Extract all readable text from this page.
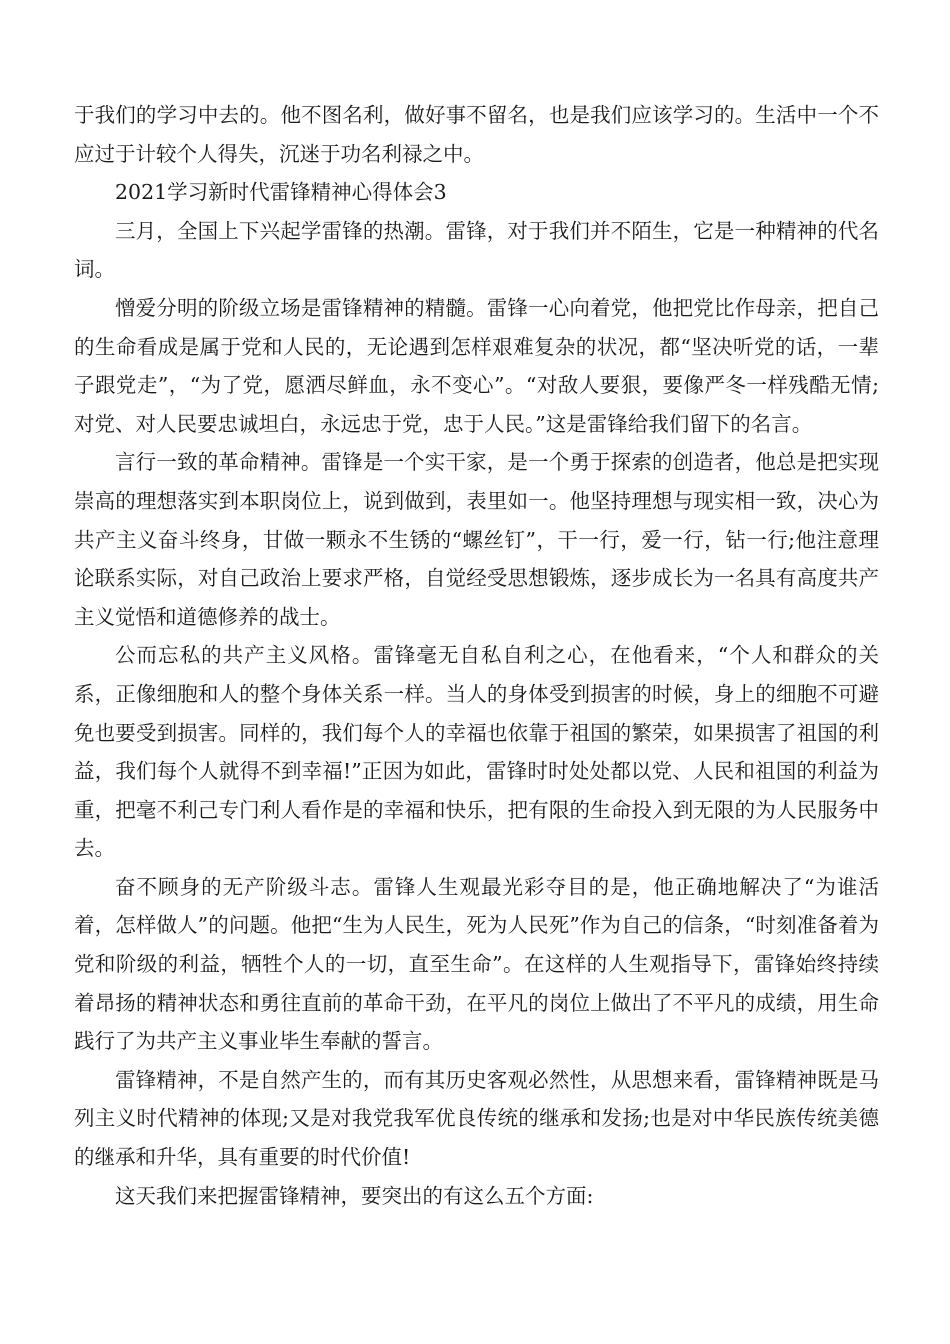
于我们的学习中去的。他不图名利，做好事不留名，也是我们应该学习的。生活中一个不应过于计较个人得失，沉迷于功名利禄之中。

2021学习新时代雷锋精神心得体会3

三月，全国上下兴起学雷锋的热潮。雷锋，对于我们并不陌生，它是一种精神的代名词。

憎爱分明的阶级立场是雷锋精神的精髓。雷锋一心向着党，他把党比作母亲，把自己的生命看成是属于党和人民的，无论遇到怎样艰难复杂的状况，都“坚决听党的话，一辈子跟党走”，“为了党，愿洒尽鲜血，永不变心”。“对敌人要狠，要像严冬一样残酷无情;对党、对人民要忠诚坦白，永远忠于党，忠于人民。”这是雷锋给我们留下的名言。

言行一致的革命精神。雷锋是一个实干家，是一个勇于探索的创造者，他总是把实现崇高的理想落实到本职岗位上，说到做到，表里如一。他坚持理想与现实相一致，决心为共产主义奋斗终身，甘做一颗永不生锈的“螺丝钉”，干一行，爱一行，钻一行;他注意理论联系实际，对自己政治上要求严格，自觉经受思想锻炼，逐步成长为一名具有高度共产主义觉悟和道德修养的战士。

公而忘私的共产主义风格。雷锋毫无自私自利之心，在他看来，“个人和群众的关系，正像细胞和人的整个身体关系一样。当人的身体受到损害的时候，身上的细胞不可避免也要受到损害。同样的，我们每个人的幸福也依靠于祖国的繁荣，如果损害了祖国的利益，我们每个人就得不到幸福!”正因为如此，雷锋时时处处都以党、人民和祖国的利益为重，把毫不利己专门利人看作是的幸福和快乐，把有限的生命投入到无限的为人民服务中去。

奋不顾身的无产阶级斗志。雷锋人生观最光彩夺目的是，他正确地解决了“为谁活着，怎样做人”的问题。他把“生为人民生，死为人民死”作为自己的信条，“时刻准备着为党和阶级的利益，牺牲个人的一切，直至生命”。在这样的人生观指导下，雷锋始终持续着昂扬的精神状态和勇往直前的革命干劲，在平凡的岗位上做出了不平凡的成绩，用生命践行了为共产主义事业毕生奉献的誓言。

雷锋精神，不是自然产生的，而有其历史客观必然性，从思想来看，雷锋精神既是马列主义时代精神的体现;又是对我党我军优良传统的继承和发扬;也是对中华民族传统美德的继承和升华，具有重要的时代价值!

这天我们来把握雷锋精神，要突出的有这么五个方面:
